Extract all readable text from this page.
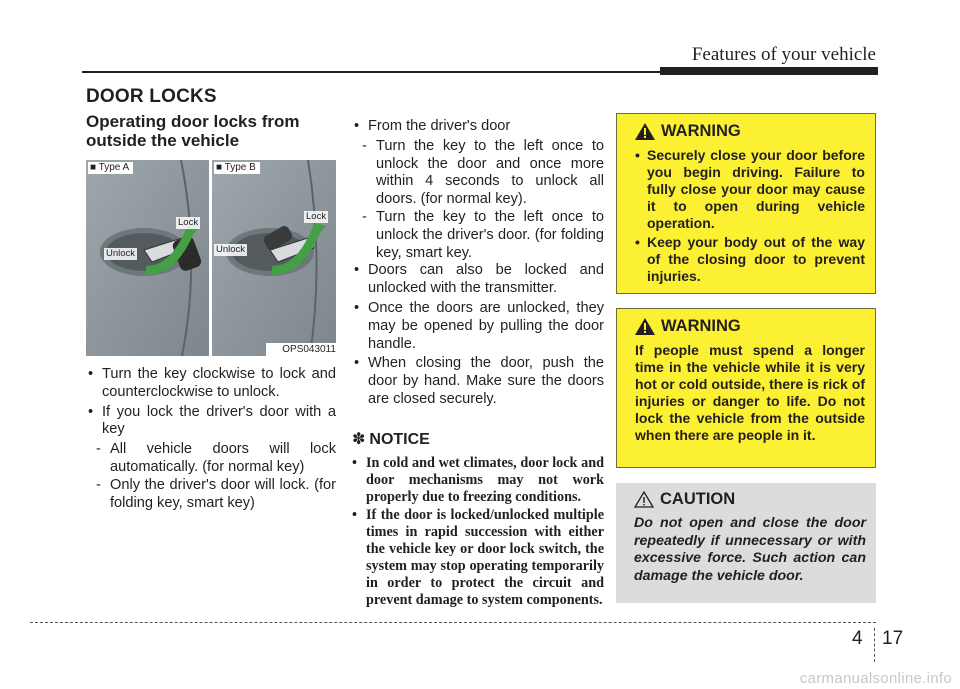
Features of your vehicle
DOOR LOCKS
Operating door locks from outside the vehicle
■ Type A	■ Type B
Lock
Unlock
Lock
Unlock
OPS043011
• Turn the key clockwise to lock and counterclockwise to unlock.
• If you lock the driver's door with a key
- All vehicle doors will lock automatically. (for normal key)
- Only the driver's door will lock. (for folding key, smart key)
• From the driver's door
- Turn the key to the left once to unlock the door and once more within 4 seconds to unlock all doors. (for normal key).
- Turn the key to the left once to unlock the driver's door. (for folding key, smart key.
• Doors can also be locked and unlocked with the transmitter.
• Once the doors are unlocked, they may be opened by pulling the door handle.
• When closing the door, push the door by hand. Make sure the doors are closed securely.
✽ NOTICE
• In cold and wet climates, door lock and door mechanisms may not work properly due to freezing conditions.
• If the door is locked/unlocked multiple times in rapid succession with either the vehicle key or door lock switch, the system may stop operating temporarily in order to protect the circuit and prevent damage to system components.
WARNING
• Securely close your door before you begin driving. Failure to fully close your door may cause it to open during vehicle operation.
• Keep your body out of the way of the closing door to prevent injuries.
WARNING
If people must spend a longer time in the vehicle while it is very hot or cold outside, there is rick of injuries or danger to life. Do not lock the vehicle from the outside when there are people in it.
CAUTION
Do not open and close the door repeatedly if unnecessary or with excessive force. Such action can damage the vehicle door.
4 17
carmanualsonline.info
